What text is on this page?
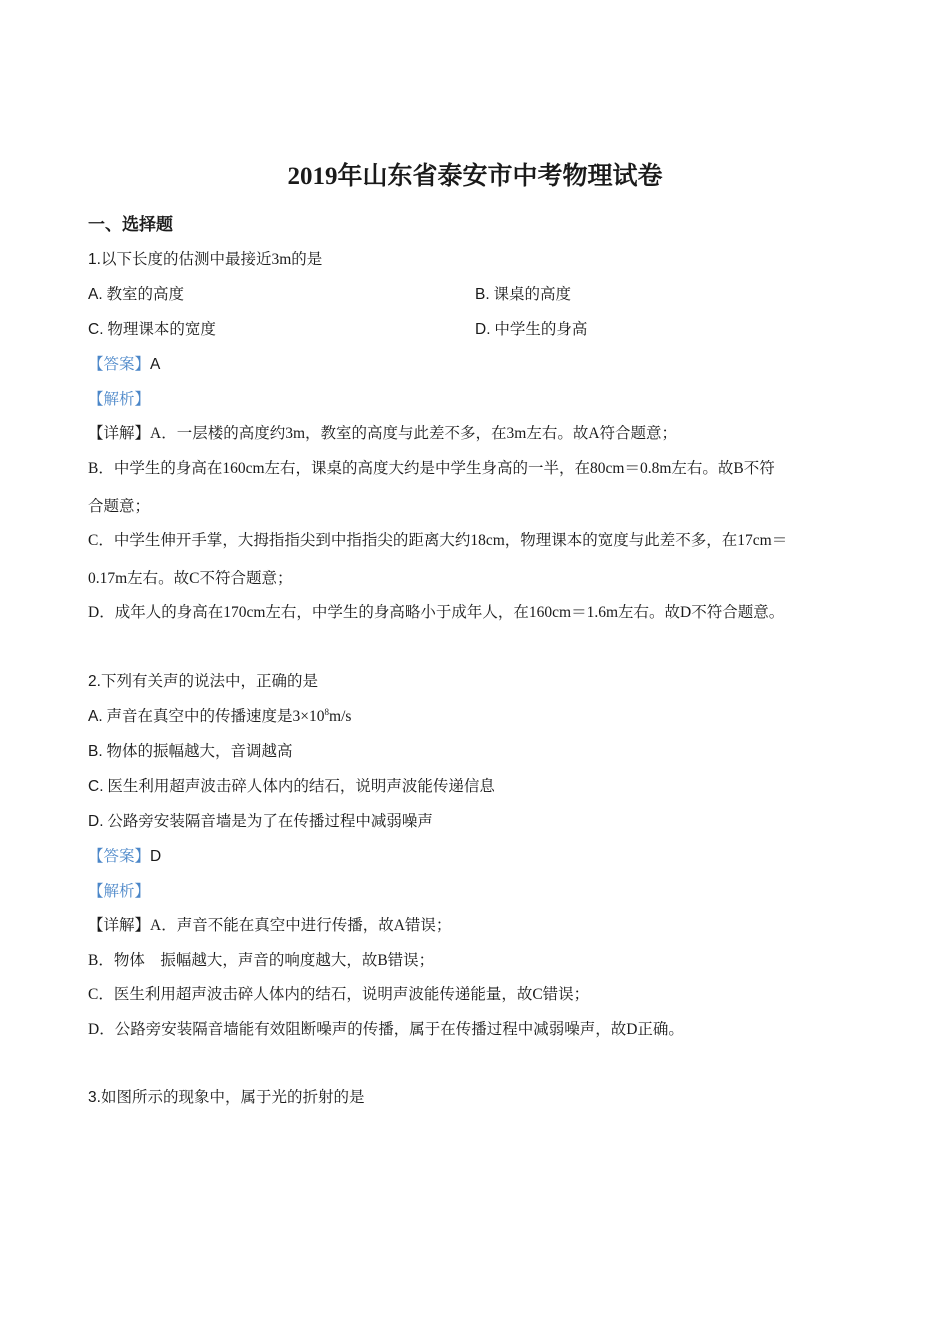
2019年山东省泰安市中考物理试卷
一、选择题
1.以下长度的估测中最接近3m的是
A. 教室的高度	B. 课桌的高度
C. 物理课本的宽度	D. 中学生的身高
【答案】A
【解析】
【详解】A．一层楼的高度约3m，教室的高度与此差不多，在3m左右。故A符合题意；
B．中学生的身高在160cm左右，课桌的高度大约是中学生身高的一半，在80cm＝0.8m左右。故B不符
合题意；
C．中学生伸开手掌，大拇指指尖到中指指尖的距离大约18cm，物理课本的宽度与此差不多，在17cm＝
0.17m左右。故C不符合题意；
D．成年人的身高在170cm左右，中学生的身高略小于成年人，在160cm＝1.6m左右。故D不符合题意。
2.下列有关声的说法中，正确的是
A. 声音在真空中的传播速度是$3\times 10^8m/s$
B. 物体的振幅越大，音调越高
C. 医生利用超声波击碎人体内的结石，说明声波能传递信息
D. 公路旁安装隔音墙是为了在传播过程中减弱噪声
【答案】D
【解析】
【详解】A．声音不能在真空中进行传播，故A错误；
B．物体　振幅越大，声音的响度越大，故B错误；
C．医生利用超声波击碎人体内的结石，说明声波能传递能量，故C错误；
D．公路旁安装隔音墙能有效阻断噪声的传播，属于在传播过程中减弱噪声，故D正确。
3.如图所示的现象中，属于光的折射的是
